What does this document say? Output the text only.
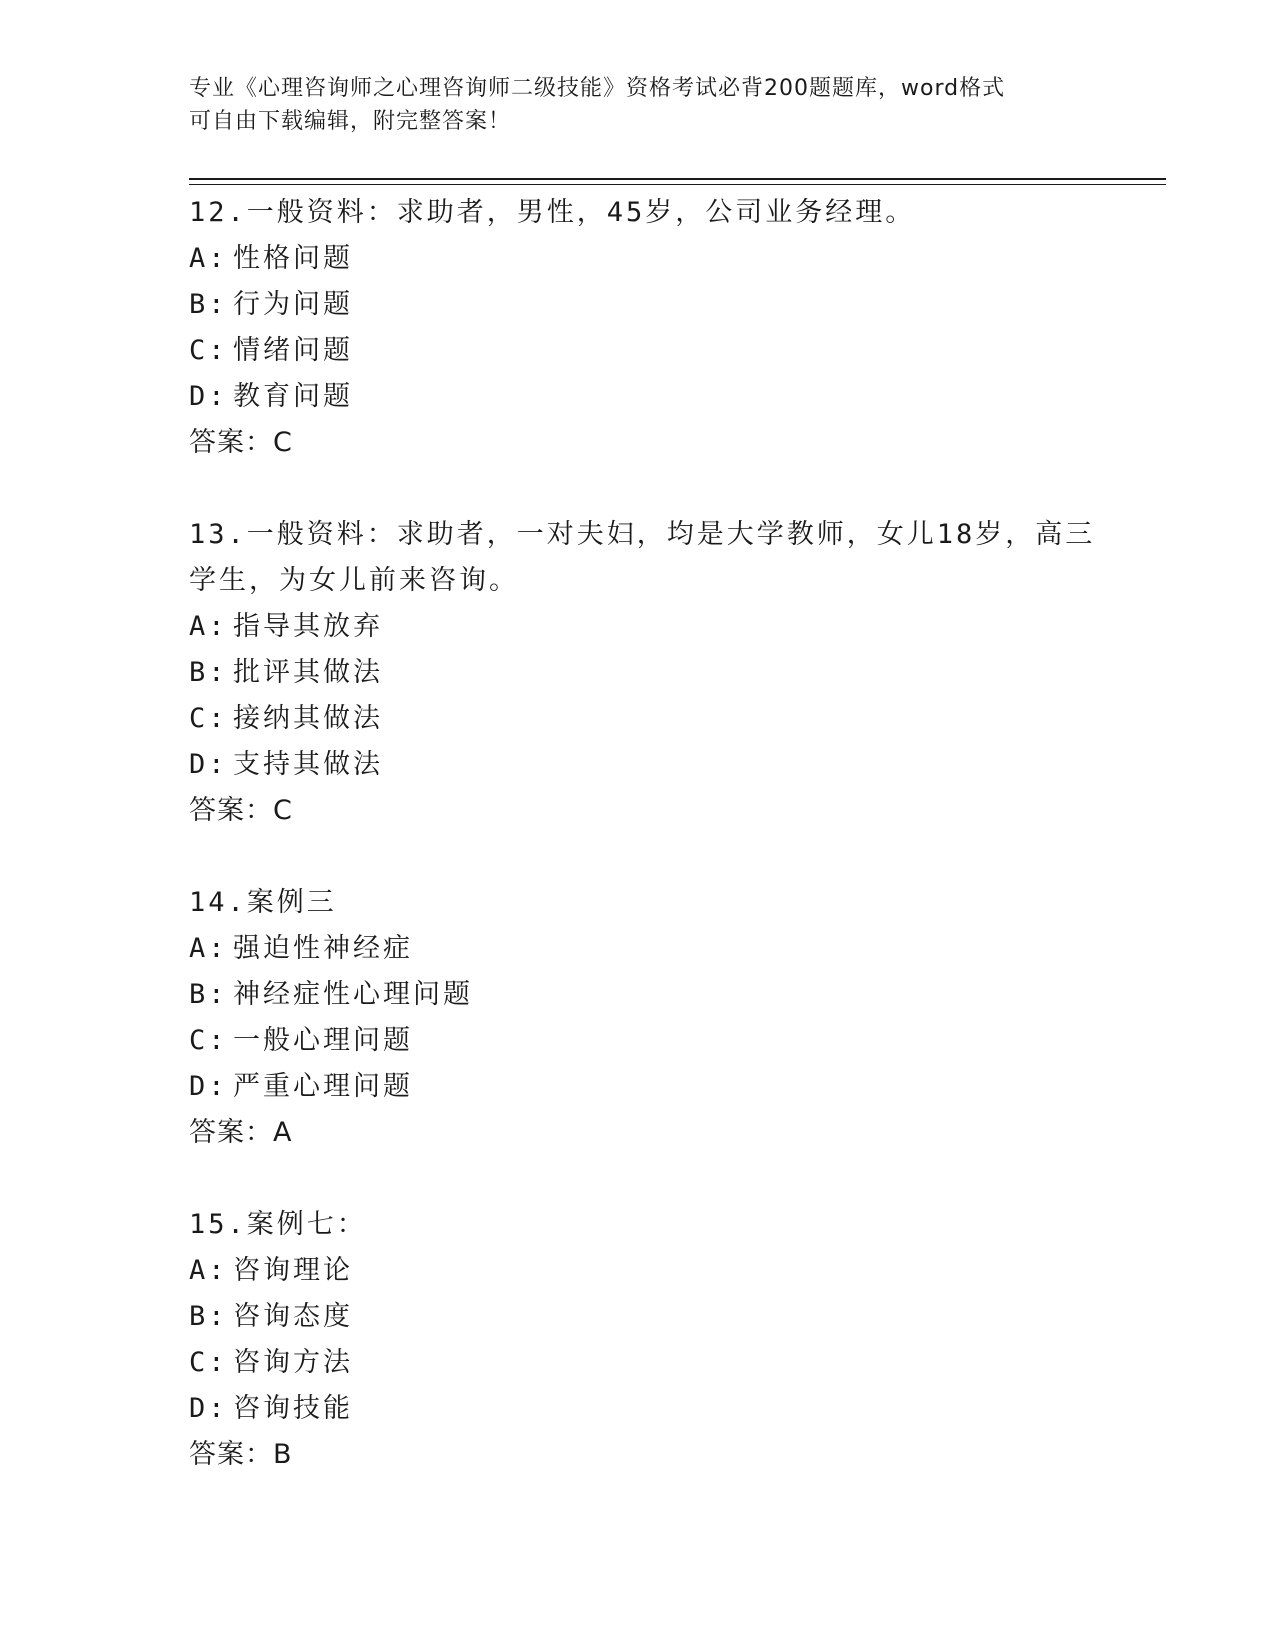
专业《心理咨询师之心理咨询师二级技能》资格考试必背200题题库，word格式
可自由下载编辑，附完整答案！
12.一般资料：求助者，男性，45岁，公司业务经理。
A: 性格问题
B: 行为问题
C: 情绪问题
D: 教育问题
答案：C
13.一般资料：求助者，一对夫妇，均是大学教师，女儿18岁，高三
学生，为女儿前来咨询。
A: 指导其放弃
B: 批评其做法
C: 接纳其做法
D: 支持其做法
答案：C
14.案例三
A: 强迫性神经症
B: 神经症性心理问题
C: 一般心理问题
D: 严重心理问题
答案：A
15.案例七：
A: 咨询理论
B: 咨询态度
C: 咨询方法
D: 咨询技能
答案：B
